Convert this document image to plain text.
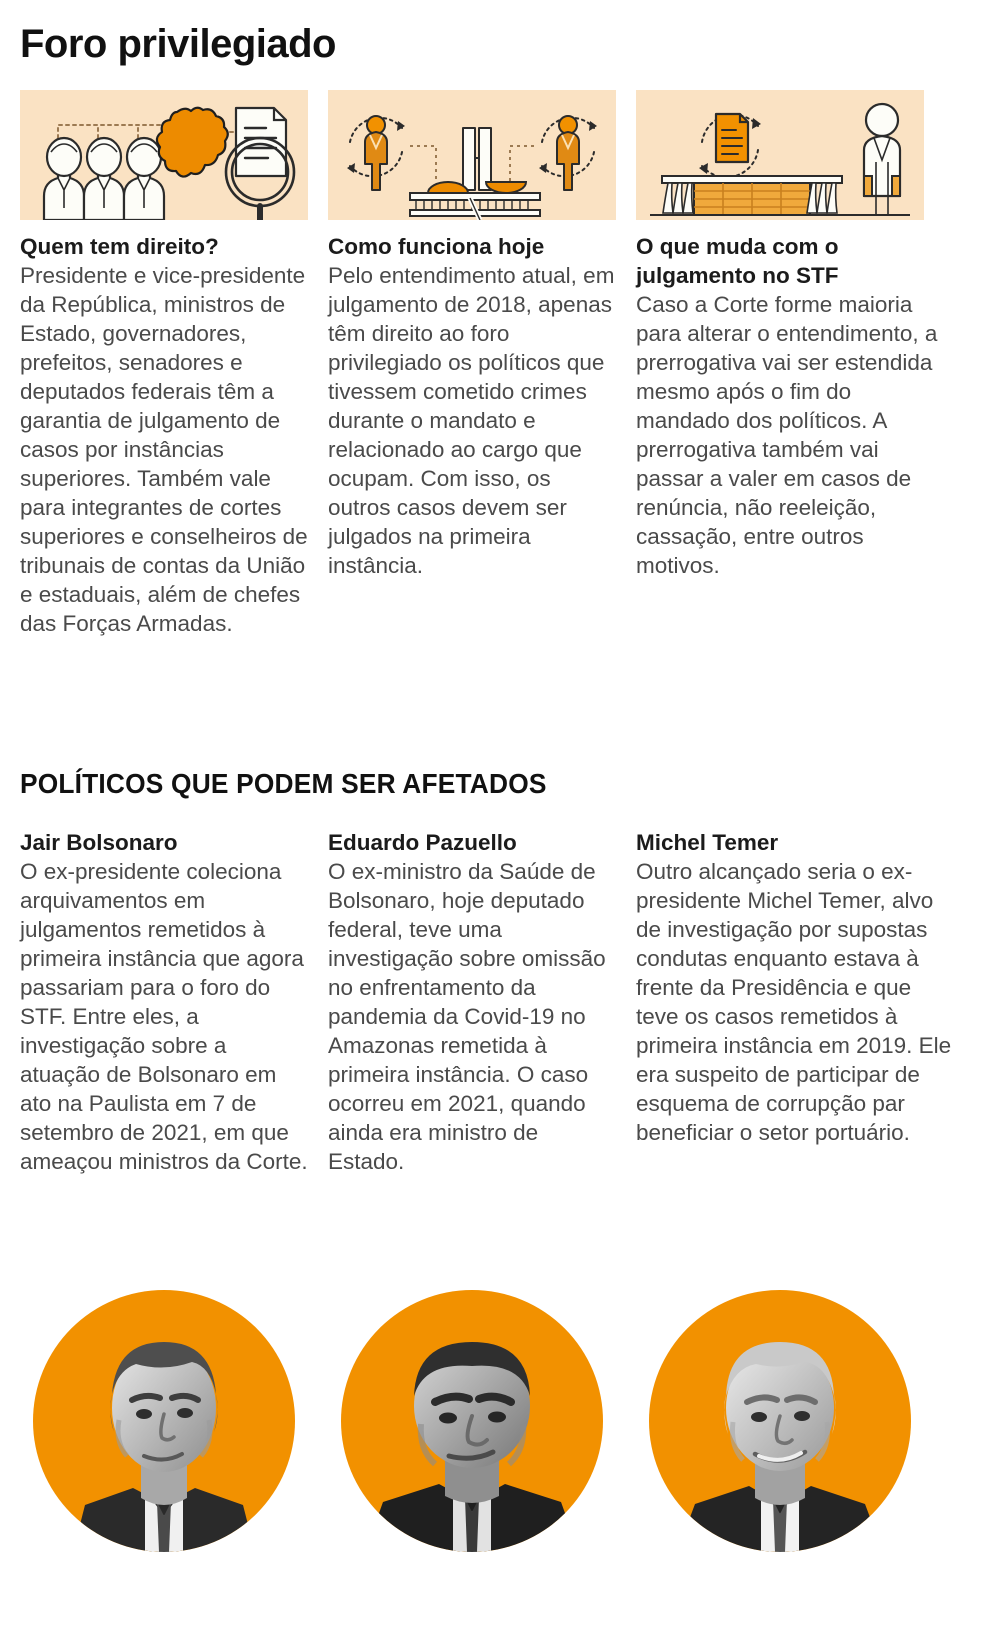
Foro privilegiado
Quem tem direito?

Presidente e vice-presidente da República, ministros de Estado, governadores, prefeitos, senadores e deputados federais têm a garantia de julgamento de casos por instâncias superiores. Também vale para integrantes de cortes superiores e conselheiros de tribunais de contas da União e estaduais, além de chefes das Forças Armadas.

Como funciona hoje

Pelo entendimento atual, em julgamento de 2018, apenas têm direito ao foro privilegiado os políticos que tivessem cometido crimes durante o mandato e relacionado ao cargo que ocupam. Com isso, os outros casos devem ser julgados na primeira instância.

O que muda com o julgamento no STF

Caso a Corte forme maioria para alterar o entendimento, a prerrogativa vai ser estendida mesmo após o fim do mandado dos políticos. A prerrogativa também vai passar a valer em casos de renúncia, não reeleição, cassação, entre outros motivos.

POLÍTICOS QUE PODEM SER AFETADOS
Jair Bolsonaro

O ex-presidente coleciona arquivamentos em julgamentos remetidos à primeira instância que agora passariam para o foro do STF. Entre eles, a investigação sobre a atuação de Bolsonaro em ato na Paulista em 7 de setembro de 2021, em que ameaçou ministros da Corte.

Eduardo Pazuello

O ex-ministro da Saúde de Bolsonaro, hoje deputado federal, teve uma investigação sobre omissão no enfrentamento da pandemia da Covid-19 no Amazonas remetida à primeira instância. O caso ocorreu em 2021, quando ainda era ministro de Estado.

Michel Temer

Outro alcançado seria o ex-presidente Michel Temer, alvo de investigação por supostas condutas enquanto estava à frente da Presidência e que teve os casos remetidos à primeira instância em 2019. Ele era suspeito de participar de esquema de corrupção par beneficiar o setor portuário.
